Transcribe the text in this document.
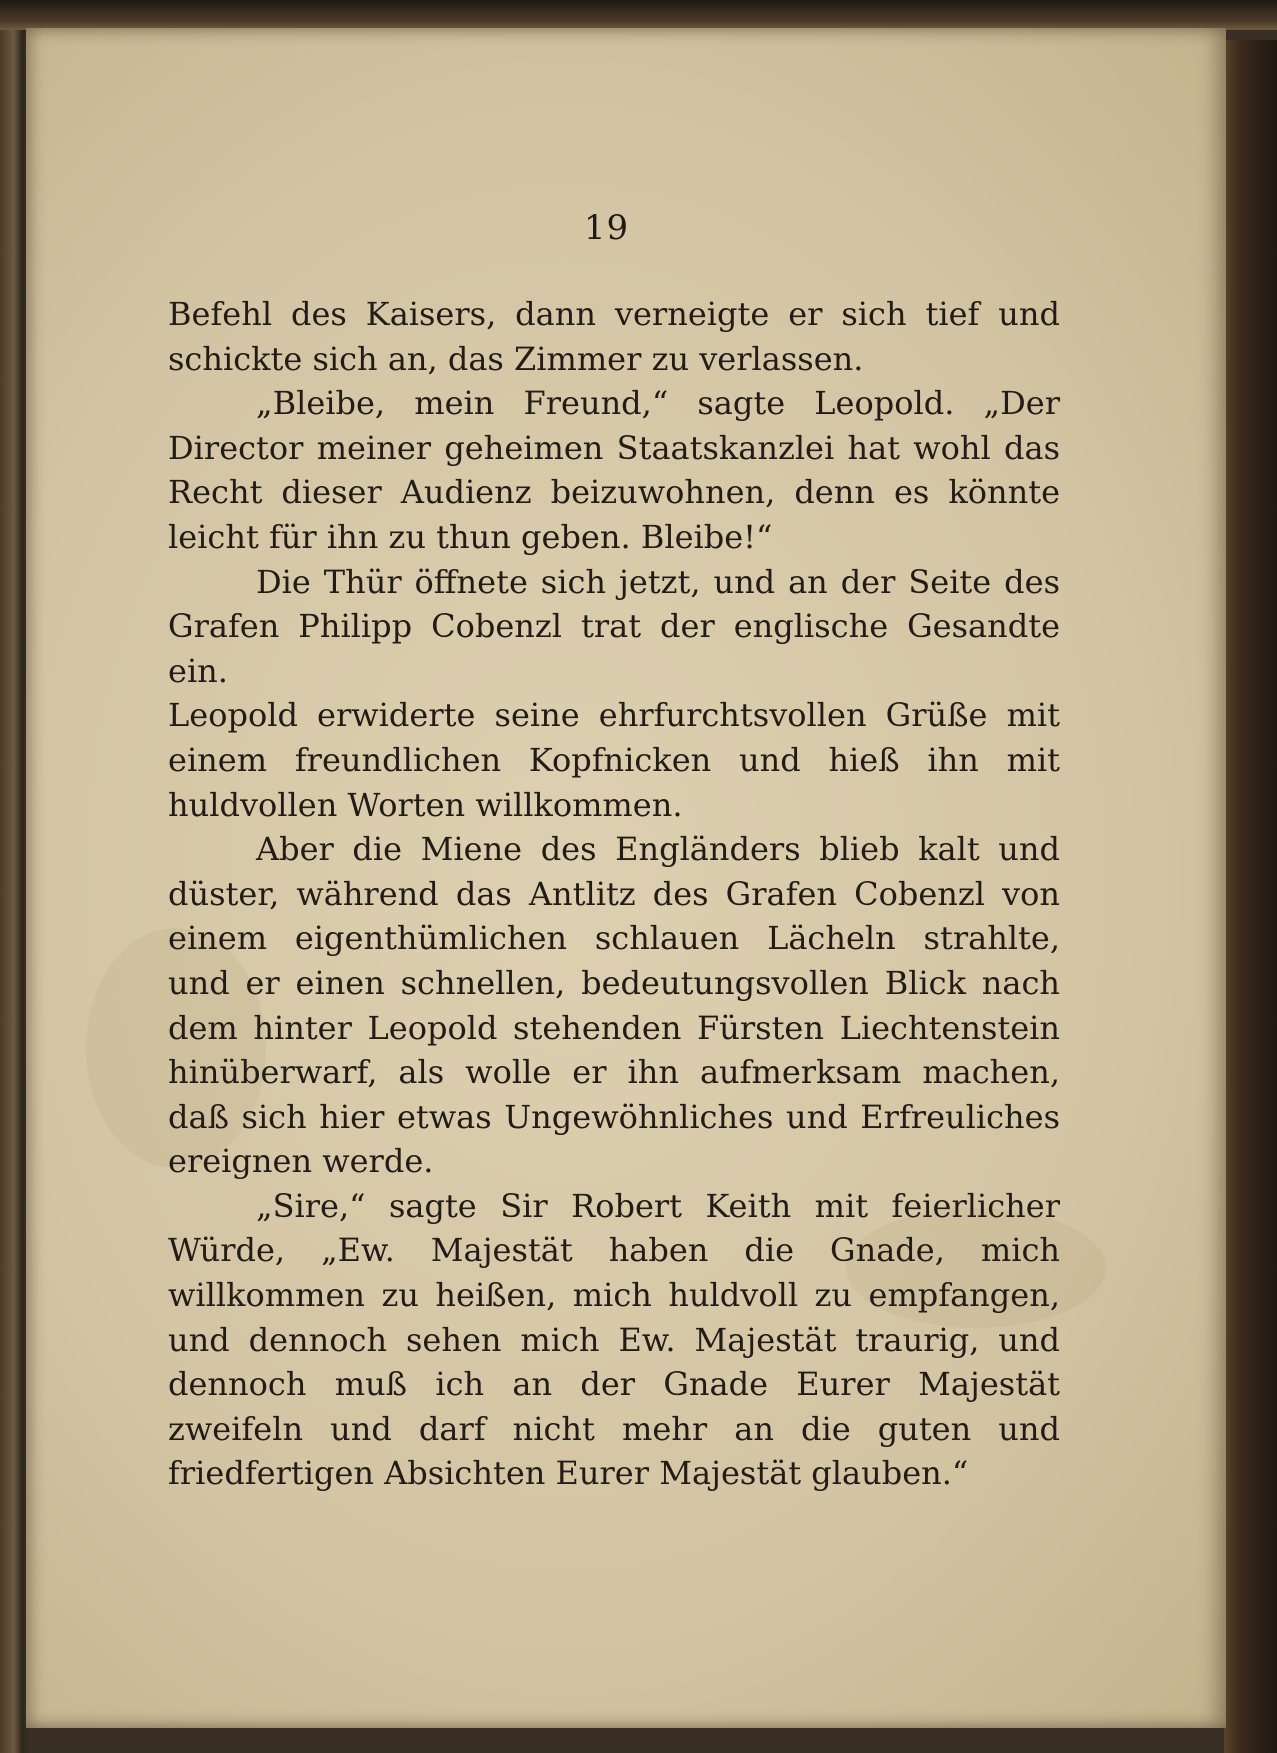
19

Befehl des Kaisers, dann verneigte er sich tief und schickte sich an, das Zimmer zu verlassen.

„Bleibe, mein Freund,“ sagte Leopold. „Der Director meiner geheimen Staatskanzlei hat wohl das Recht dieser Audienz beizuwohnen, denn es könnte leicht für ihn zu thun geben. Bleibe!“

Die Thür öffnete sich jetzt, und an der Seite des Grafen Philipp Cobenzl trat der englische Gesandte ein.

Leopold erwiderte seine ehrfurchtsvollen Grüße mit einem freundlichen Kopfnicken und hieß ihn mit huldvollen Worten willkommen.

Aber die Miene des Engländers blieb kalt und düster, während das Antlitz des Grafen Cobenzl von einem eigenthümlichen schlauen Lächeln strahlte, und er einen schnellen, bedeutungsvollen Blick nach dem hinter Leopold stehenden Fürsten Liechtenstein hinüberwarf, als wolle er ihn aufmerksam machen, daß sich hier etwas Ungewöhnliches und Erfreuliches ereignen werde.

„Sire,“ sagte Sir Robert Keith mit feierlicher Würde, „Ew. Majestät haben die Gnade, mich willkommen zu heißen, mich huldvoll zu empfangen, und dennoch sehen mich Ew. Majestät traurig, und dennoch muß ich an der Gnade Eurer Majestät zweifeln und darf nicht mehr an die guten und friedfertigen Absichten Eurer Majestät glauben.“
